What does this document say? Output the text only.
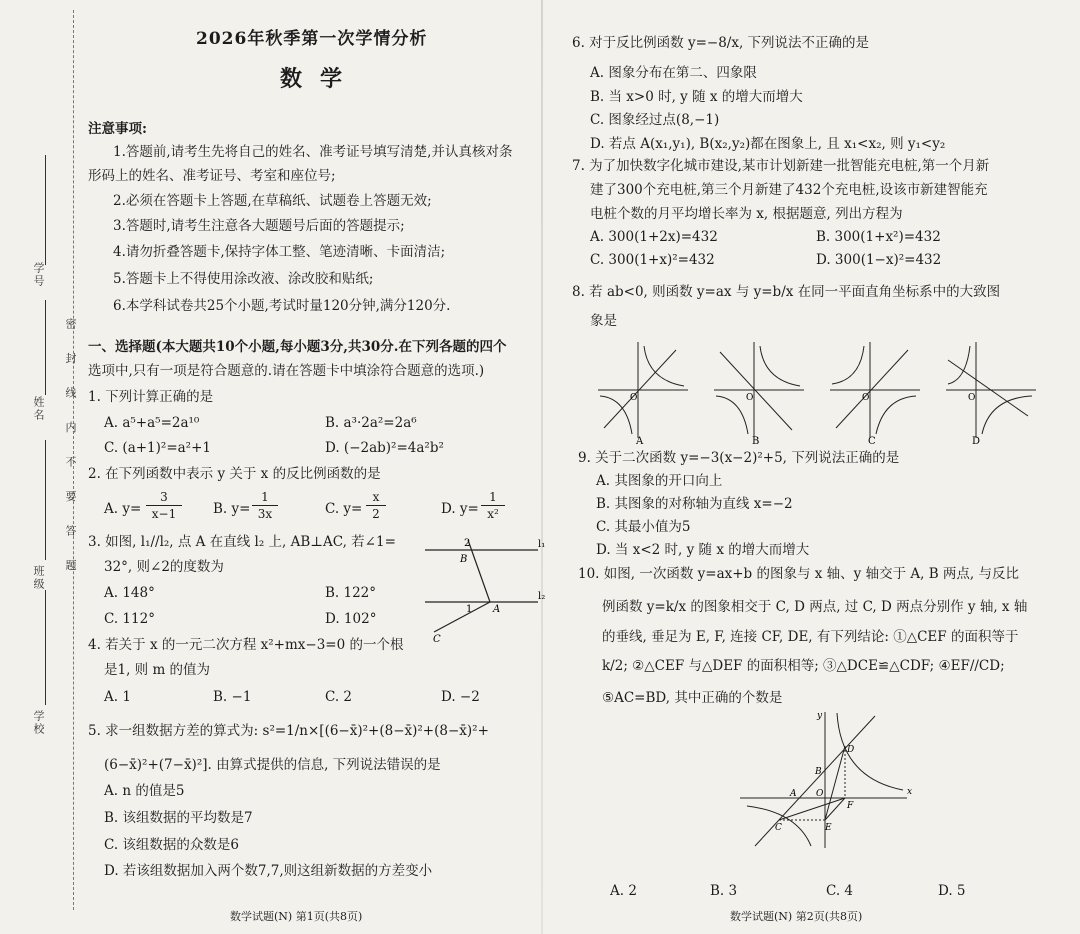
学号
姓名
班级
学校
密 封 线 内 不 要 答 题
2026年秋季第一次学情分析
数学
注意事项:
1.答题前,请考生先将自己的姓名、准考证号填写清楚,并认真核对条
形码上的姓名、准考证号、考室和座位号;
2.必须在答题卡上答题,在草稿纸、试题卷上答题无效;
3.答题时,请考生注意各大题题号后面的答题提示;
4.请勿折叠答题卡,保持字体工整、笔迹清晰、卡面清洁;
5.答题卡上不得使用涂改液、涂改胶和贴纸;
6.本学科试卷共25个小题,考试时量120分钟,满分120分.
一、选择题(本大题共10个小题,每小题3分,共30分.在下列各题的四个
选项中,只有一项是符合题意的.请在答题卡中填涂符合题意的选项.)
1. 下列计算正确的是
A. a⁵+a⁵=2a¹⁰	B. a³·2a²=2a⁶
C. (a+1)²=a²+1	D. (−2ab)²=4a²b²
2. 在下列函数中表示 y 关于 x 的反比例函数的是
A. y=
3
x−1	B. y=
1
3x	C. y=
x
2	D. y=
1
x²
3. 如图, l₁//l₂, 点 A 在直线 l₂ 上, AB⊥AC, 若∠1=
32°, 则∠2的度数为
A. 148°	B. 122°
C. 112°	D. 102°
l₁
l₂
B
2
A
1
C
4. 若关于 x 的一元二次方程 x²+mx−3=0 的一个根
是1, 则 m 的值为
A. 1	B. −1	C. 2	D. −2
5. 求一组数据方差的算式为: s²=1/n×[(6−x̄)²+(8−x̄)²+(8−x̄)²+
(6−x̄)²+(7−x̄)²]. 由算式提供的信息, 下列说法错误的是
A. n 的值是5
B. 该组数据的平均数是7
C. 该组数据的众数是6
D. 若该组数据加入两个数7,7,则这组新数据的方差变小
数学试题(N) 第1页(共8页)
6. 对于反比例函数 y=−8/x, 下列说法不正确的是
A. 图象分布在第二、四象限
B. 当 x>0 时, y 随 x 的增大而增大
C. 图象经过点(8,−1)
D. 若点 A(x₁,y₁), B(x₂,y₂)都在图象上, 且 x₁<x₂, 则 y₁<y₂
7. 为了加快数字化城市建设,某市计划新建一批智能充电桩,第一个月新
建了300个充电桩,第三个月新建了432个充电桩,设该市新建智能充
电桩个数的月平均增长率为 x, 根据题意, 列出方程为
A. 300(1+2x)=432	B. 300(1+x²)=432
C. 300(1+x)²=432	D. 300(1−x)²=432
8. 若 ab<0, 则函数 y=ax 与 y=b/x 在同一平面直角坐标系中的大致图
象是
O
A
O
B
O
C
O
D
9. 关于二次函数 y=−3(x−2)²+5, 下列说法正确的是
A. 其图象的开口向上
B. 其图象的对称轴为直线 x=−2
C. 其最小值为5
D. 当 x<2 时, y 随 x 的增大而增大
10. 如图, 一次函数 y=ax+b 的图象与 x 轴、y 轴交于 A, B 两点, 与反比
例函数 y=k/x 的图象相交于 C, D 两点, 过 C, D 两点分别作 y 轴, x 轴
的垂线, 垂足为 E, F, 连接 CF, DE, 有下列结论: ①△CEF 的面积等于
k/2; ②△CEF 与△DEF 的面积相等; ③△DCE≌△CDF; ④EF//CD;
⑤AC=BD, 其中正确的个数是
x
y
A
B
O
D
F
C	E
A. 2	B. 3	C. 4	D. 5
数学试题(N) 第2页(共8页)
